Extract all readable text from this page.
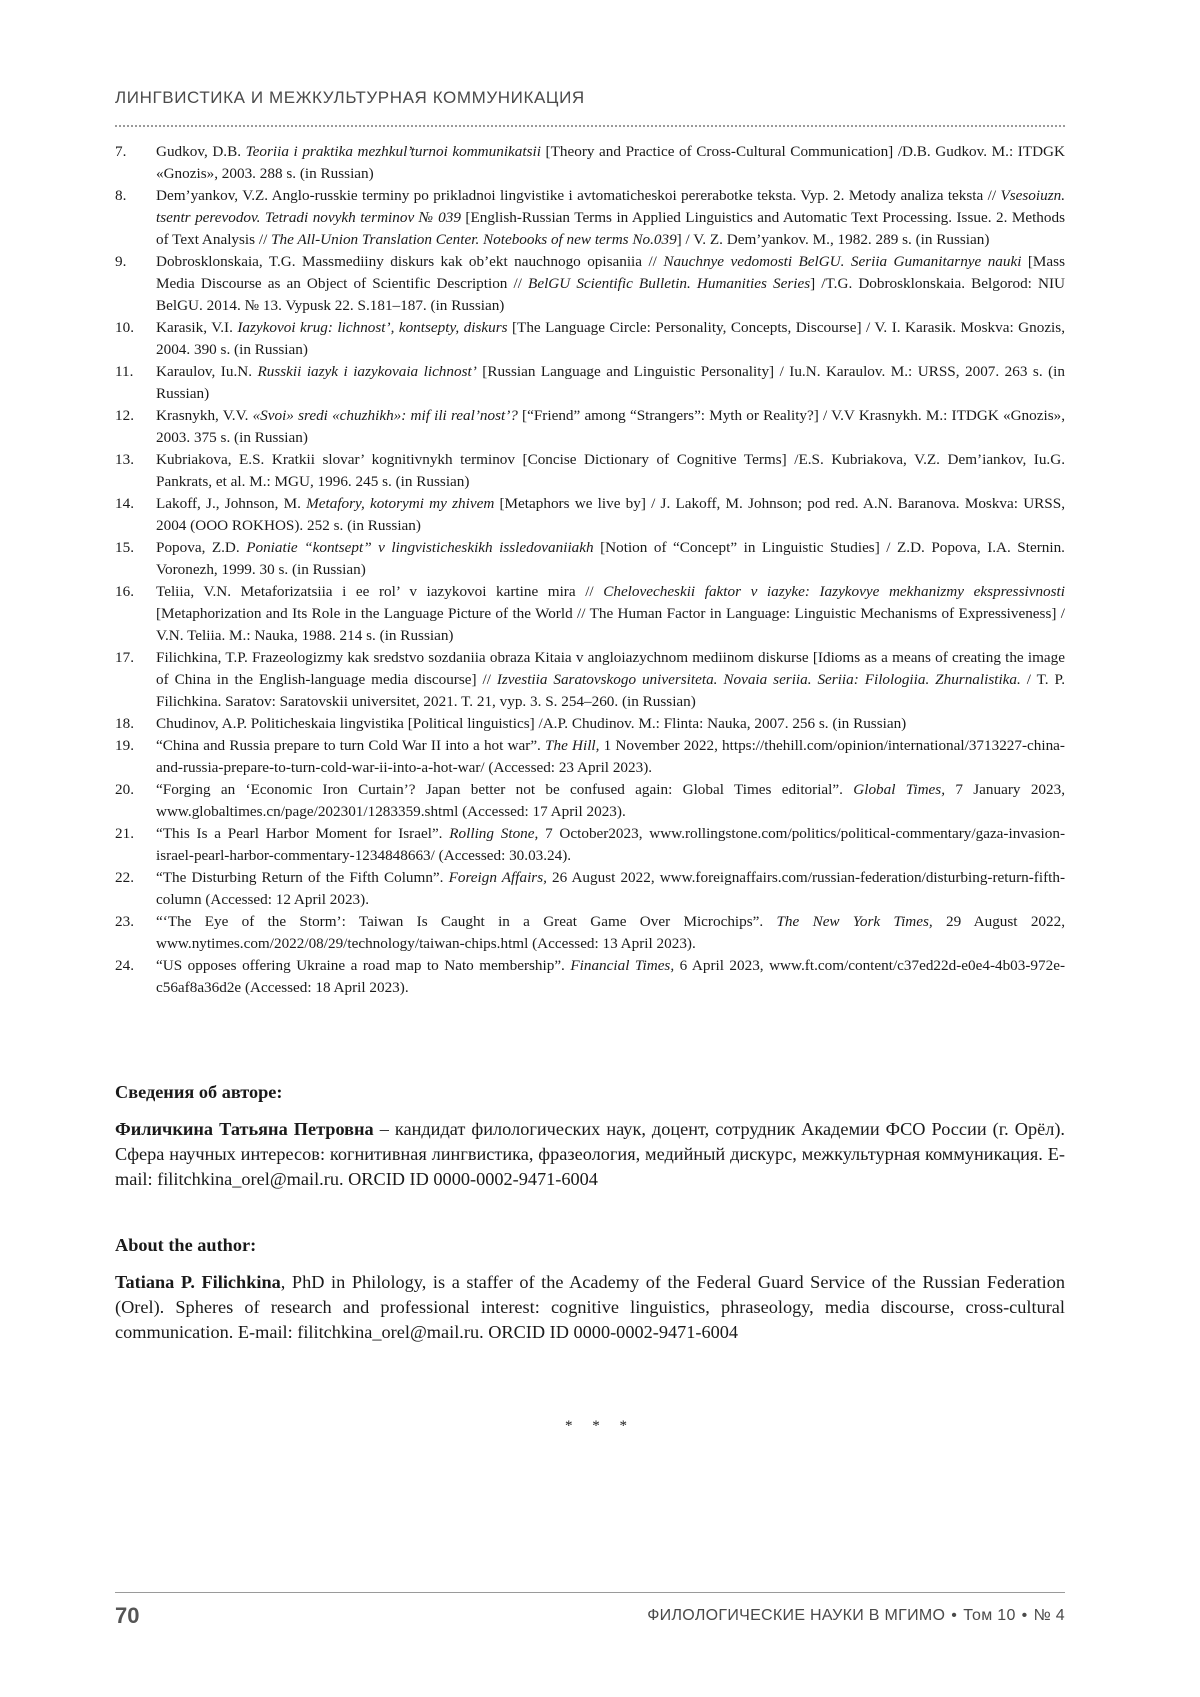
ЛИНГВИСТИКА И МЕЖКУЛЬТУРНАЯ КОММУНИКАЦИЯ
7.	Gudkov, D.B. Teoriia i praktika mezhkul’turnoi kommunikatsii [Theory and Practice of Cross-Cultural Communication] /D.B. Gudkov. M.: ITDGK «Gnozis», 2003. 288 s. (in Russian)
8.	Dem’yankov, V.Z. Anglo-russkie terminy po prikladnoi lingvistike i avtomaticheskoi pererabotke teksta. Vyp. 2. Metody analiza teksta // Vsesoiuzn. tsentr perevodov. Tetradi novykh terminov № 039 [English-Russian Terms in Applied Linguistics and Automatic Text Processing. Issue. 2. Methods of Text Analysis // The All-Union Translation Center. Notebooks of new terms No.039] / V. Z. Dem’yankov. M., 1982. 289 s. (in Russian)
9.	Dobrosklonskaia, T.G. Massmediiny diskurs kak ob’ekt nauchnogo opisaniia // Nauchnye vedomosti BelGU. Seriia Gumanitarnye nauki [Mass Media Discourse as an Object of Scientific Description // BelGU Scientific Bulletin. Humanities Series] /T.G. Dobrosklonskaia. Belgorod: NIU BelGU. 2014. № 13. Vypusk 22. S.181–187. (in Russian)
10.	Karasik, V.I. Iazykovoi krug: lichnost’, kontsepty, diskurs [The Language Circle: Personality, Concepts, Discourse] / V. I. Karasik. Moskva: Gnozis, 2004. 390 s. (in Russian)
11.	Karaulov, Iu.N. Russkii iazyk i iazykovaia lichnost’ [Russian Language and Linguistic Personality] / Iu.N. Karaulov. M.: URSS, 2007. 263 s. (in Russian)
12.	Krasnykh, V.V. «Svoi» sredi «chuzhikh»: mif ili real’nost’? [“Friend” among “Strangers”: Myth or Reality?] / V.V Krasnykh. M.: ITDGK «Gnozis», 2003. 375 s. (in Russian)
13.	Kubriakova, E.S. Kratkii slovar’ kognitivnykh terminov [Concise Dictionary of Cognitive Terms] /E.S. Kubriakova, V.Z. Dem’iankov, Iu.G. Pankrats, et al. M.: MGU, 1996. 245 s. (in Russian)
14.	Lakoff, J., Johnson, M. Metafory, kotorymi my zhivem [Metaphors we live by] / J. Lakoff, M. Johnson; pod red. A.N. Baranova. Moskva: URSS, 2004 (OOO ROKHOS). 252 s. (in Russian)
15.	Popova, Z.D. Poniatie “kontsept” v lingvisticheskikh issledovaniiakh [Notion of “Concept” in Linguistic Studies] / Z.D. Popova, I.A. Sternin. Voronezh, 1999. 30 s. (in Russian)
16.	Teliia, V.N. Metaforizatsiia i ee rol’ v iazykovoi kartine mira // Chelovecheskii faktor v iazyke: Iazykovye mekhanizmy ekspressivnosti [Metaphorization and Its Role in the Language Picture of the World // The Human Factor in Language: Linguistic Mechanisms of Expressiveness] / V.N. Teliia. M.: Nauka, 1988. 214 s. (in Russian)
17.	Filichkina, T.P. Frazeologizmy kak sredstvo sozdaniia obraza Kitaia v angloiazychnom mediinom diskurse [Idioms as a means of creating the image of China in the English-language media discourse] // Izvestiia Saratovskogo universiteta. Novaia seriia. Seriia: Filologiia. Zhurnalistika. / T. P. Filichkina. Saratov: Saratovskii universitet, 2021. T. 21, vyp. 3. S. 254–260. (in Russian)
18.	Chudinov, A.P. Politicheskaia lingvistika [Political linguistics] /A.P. Chudinov. M.: Flinta: Nauka, 2007. 256 s. (in Russian)
19.	“China and Russia prepare to turn Cold War II into a hot war”. The Hill, 1 November 2022, https://thehill.com/opinion/international/3713227-china-and-russia-prepare-to-turn-cold-war-ii-into-a-hot-war/ (Accessed: 23 April 2023).
20.	“Forging an ‘Economic Iron Curtain’? Japan better not be confused again: Global Times editorial”. Global Times, 7 January 2023, www.globaltimes.cn/page/202301/1283359.shtml (Accessed: 17 April 2023).
21.	“This Is a Pearl Harbor Moment for Israel”. Rolling Stone, 7 October2023, www.rollingstone.com/politics/political-commentary/gaza-invasion-israel-pearl-harbor-commentary-1234848663/ (Accessed: 30.03.24).
22.	“The Disturbing Return of the Fifth Column”. Foreign Affairs, 26 August 2022, www.foreignaffairs.com/russian-federation/disturbing-return-fifth-column (Accessed: 12 April 2023).
23.	“‘The Eye of the Storm’: Taiwan Is Caught in a Great Game Over Microchips”. The New York Times, 29 August 2022, www.nytimes.com/2022/08/29/technology/taiwan-chips.html (Accessed: 13 April 2023).
24.	“US opposes offering Ukraine a road map to Nato membership”. Financial Times, 6 April 2023, www.ft.com/content/c37ed22d-e0e4-4b03-972e-c56af8a36d2e (Accessed: 18 April 2023).
Сведения об авторе:
Филичкина Татьяна Петровна – кандидат филологических наук, доцент, сотрудник Академии ФСО России (г. Орёл). Сфера научных интересов: когнитивная лингвистика, фразеология, медийный дискурс, межкультурная коммуникация. E-mail: filitchkina_orel@mail.ru. ORCID ID 0000-0002-9471-6004
About the author:
Tatiana P. Filichkina, PhD in Philology, is a staffer of the Academy of the Federal Guard Service of the Russian Federation (Orel). Spheres of research and professional interest: cognitive linguistics, phraseology, media discourse, cross-cultural communication. E-mail: filitchkina_orel@mail.ru. ORCID ID 0000-0002-9471-6004
* * *
70	ФИЛОЛОГИЧЕСКИЕ НАУКИ В МГИМО • Том 10 • № 4
